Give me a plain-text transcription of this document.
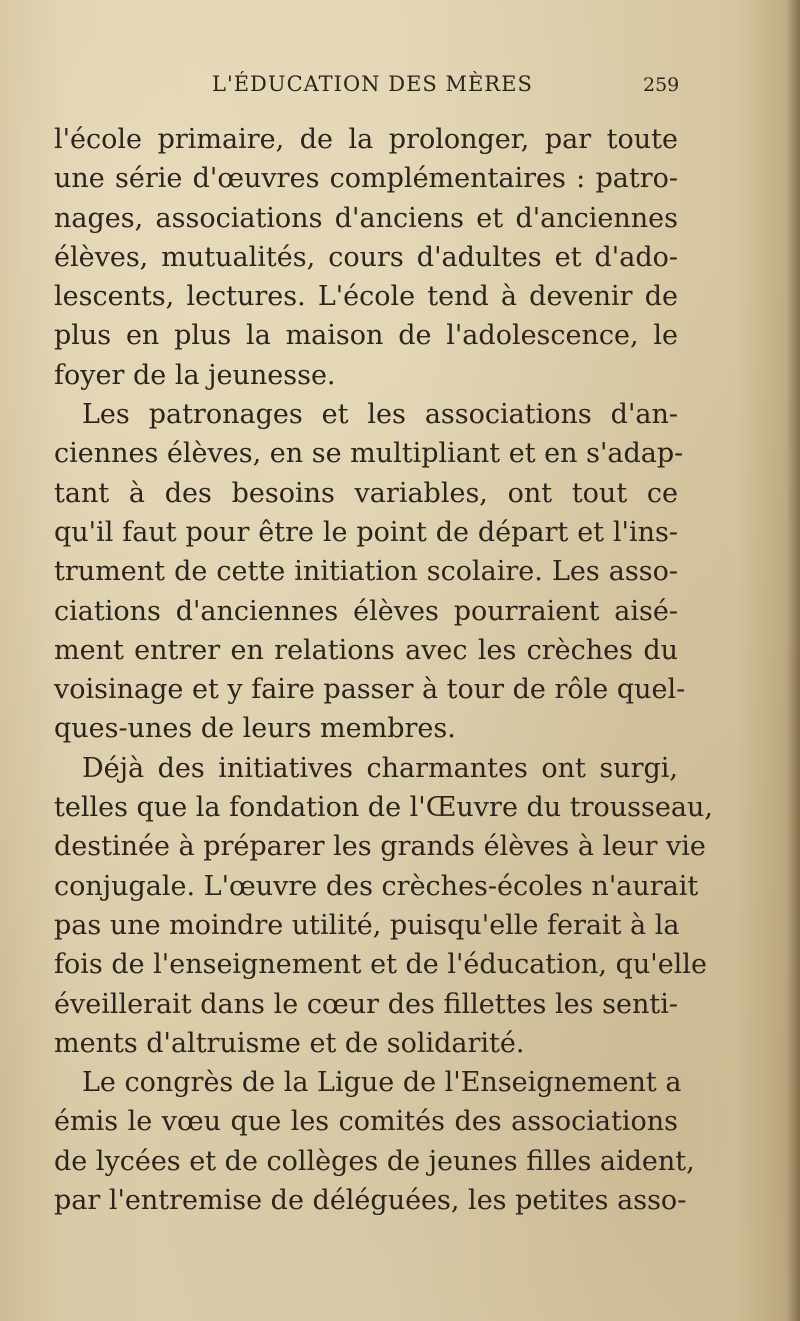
L'ÉDUCATION DES MÈRES	259
l'école primaire, de la prolonger, par toute
une série d'œuvres complémentaires : patro-
nages, associations d'anciens et d'anciennes
élèves, mutualités, cours d'adultes et d'ado-
lescents, lectures. L'école tend à devenir de
plus en plus la maison de l'adolescence, le
foyer de la jeunesse.
Les patronages et les associations d'an-
ciennes élèves, en se multipliant et en s'adap-
tant à des besoins variables, ont tout ce
qu'il faut pour être le point de départ et l'ins-
trument de cette initiation scolaire. Les asso-
ciations d'anciennes élèves pourraient aisé-
ment entrer en relations avec les crèches du
voisinage et y faire passer à tour de rôle quel-
ques-unes de leurs membres.
Déjà des initiatives charmantes ont surgi,
telles que la fondation de l'Œuvre du trousseau,
destinée à préparer les grands élèves à leur vie
conjugale. L'œuvre des crèches-écoles n'aurait
pas une moindre utilité, puisqu'elle ferait à la
fois de l'enseignement et de l'éducation, qu'elle
éveillerait dans le cœur des fillettes les senti-
ments d'altruisme et de solidarité.
Le congrès de la Ligue de l'Enseignement a
émis le vœu que les comités des associations
de lycées et de collèges de jeunes filles aident,
par l'entremise de déléguées, les petites asso-
